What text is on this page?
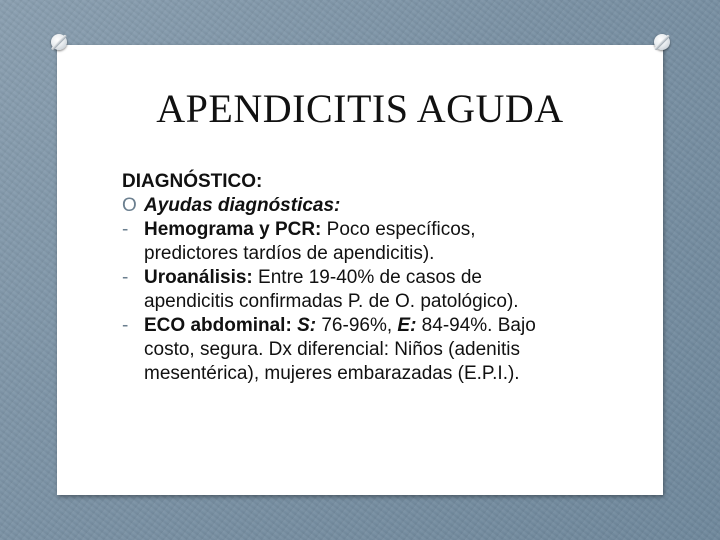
APENDICITIS AGUDA
DIAGNÓSTICO:
O Ayudas diagnósticas:
- Hemograma y PCR: Poco específicos,
predictores tardíos de apendicitis).
- Uroanálisis: Entre 19-40% de casos de
apendicitis confirmadas P. de O. patológico).
- ECO abdominal: S: 76-96%, E: 84-94%. Bajo
costo, segura. Dx diferencial: Niños (adenitis
mesentérica), mujeres embarazadas (E.P.I.).
